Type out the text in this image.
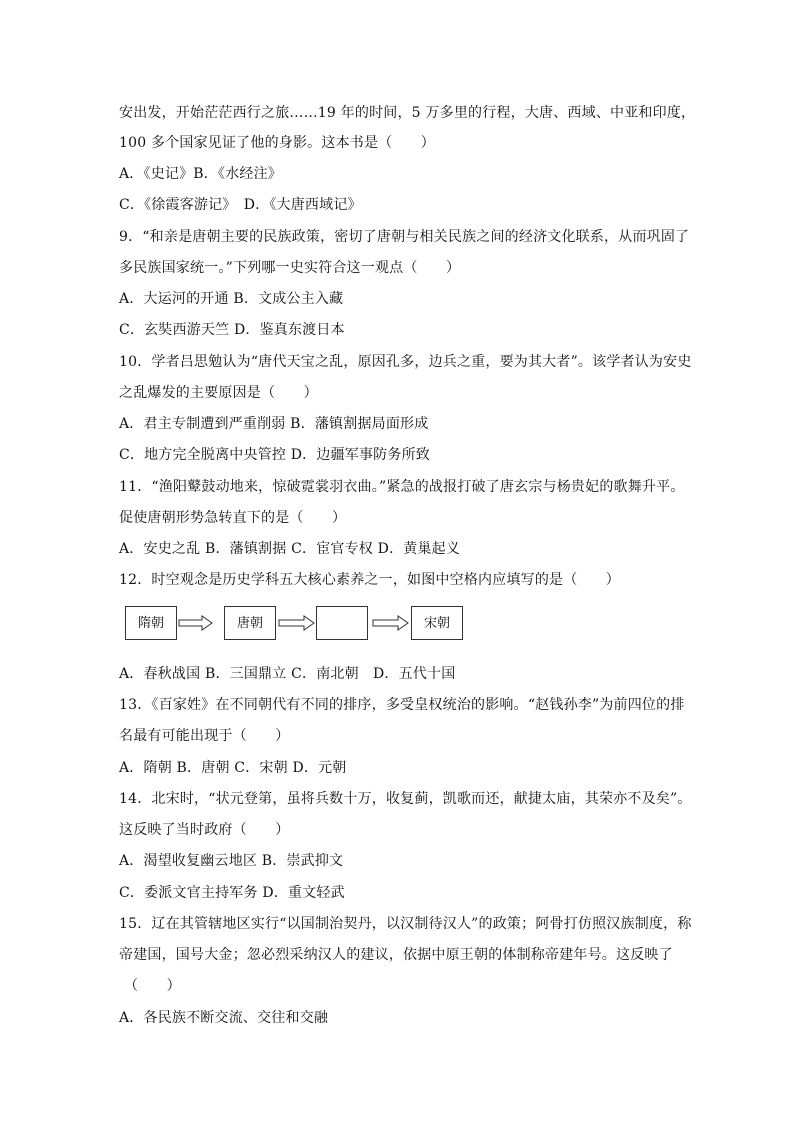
安出发，开始茫茫西行之旅……19 年的时间，5 万多里的行程，大唐、西域、中亚和印度，
100 多个国家见证了他的身影。这本书是（　　）
A．《史记》B．《水经注》
C．《徐霞客游记》　D．《大唐西域记》
9．“和亲是唐朝主要的民族政策，密切了唐朝与相关民族之间的经济文化联系，从而巩固了
多民族国家统一。”下列哪一史实符合这一观点（　　）
A．大运河的开通 B．文成公主入藏
C．玄奘西游天竺 D．鉴真东渡日本
10．学者吕思勉认为“唐代天宝之乱，原因孔多，边兵之重，要为其大者”。该学者认为安史
之乱爆发的主要原因是（　　）
A．君主专制遭到严重削弱 B．藩镇割据局面形成
C．地方完全脱离中央管控 D．边疆军事防务所致
11．“渔阳鼙鼓动地来，惊破霓裳羽衣曲。”紧急的战报打破了唐玄宗与杨贵妃的歌舞升平。
促使唐朝形势急转直下的是（　　）
A．安史之乱 B．藩镇割据 C．宦官专权 D．黄巢起义
12．时空观念是历史学科五大核心素养之一，如图中空格内应填写的是（　　）
隋朝	唐朝	宋朝
A．春秋战国 B．三国鼎立 C．南北朝　D．五代十国
13．《百家姓》在不同朝代有不同的排序，多受皇权统治的影响。“赵钱孙李”为前四位的排
名最有可能出现于（　　）
A．隋朝 B．唐朝 C．宋朝 D．元朝
14．北宋时，“状元登第，虽将兵数十万，收复蓟，凯歌而还，献捷太庙，其荣亦不及矣”。
这反映了当时政府（　　）
A．渴望收复幽云地区 B．崇武抑文
C．委派文官主持军务 D．重文轻武
15．辽在其管辖地区实行“以国制治契丹，以汉制待汉人”的政策；阿骨打仿照汉族制度，称
帝建国，国号大金；忽必烈采纳汉人的建议，依据中原王朝的体制称帝建年号。这反映了
（　　）
A．各民族不断交流、交往和交融
